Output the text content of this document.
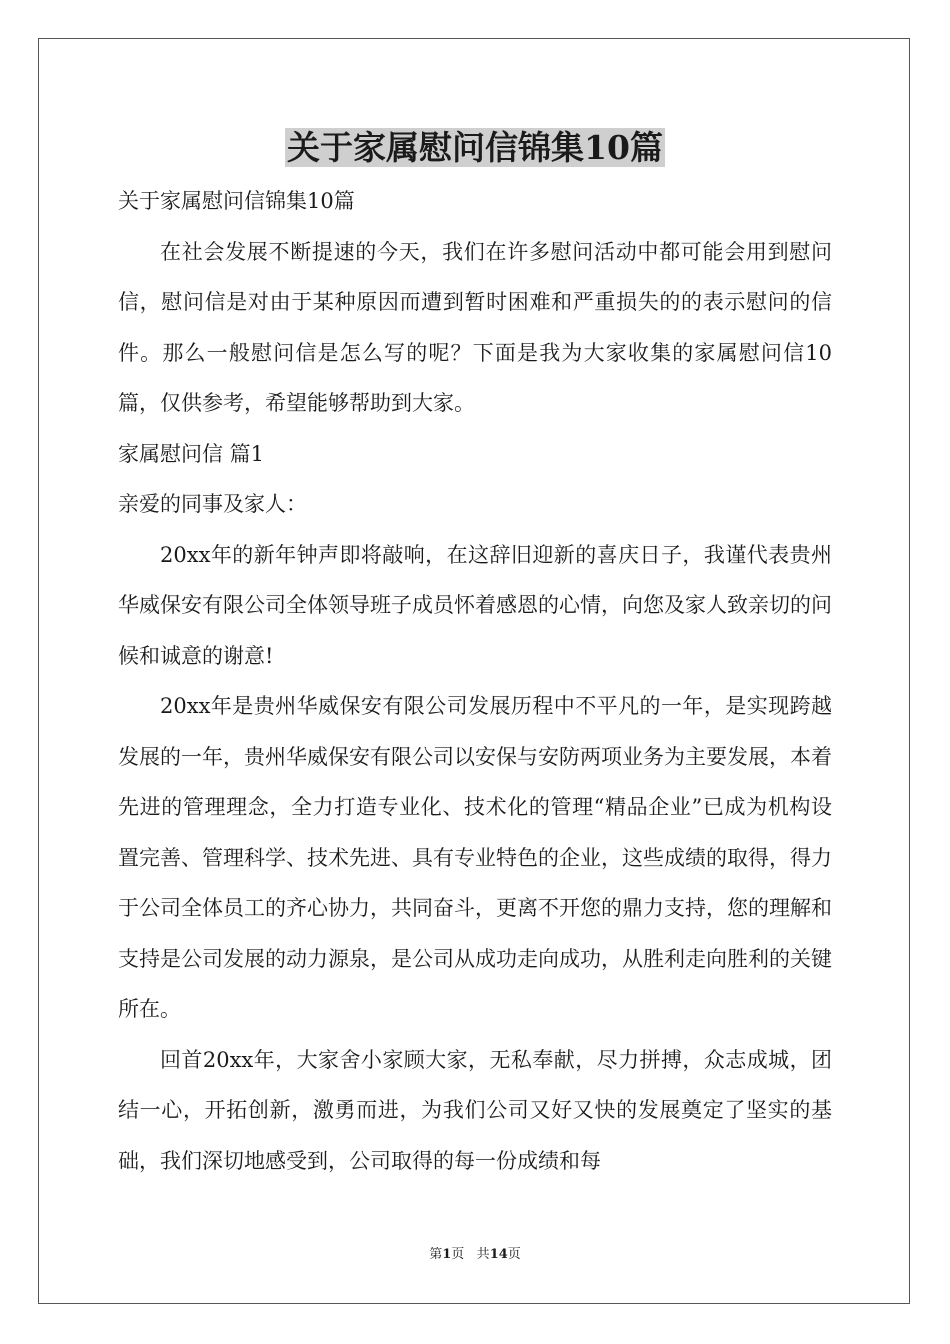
关于家属慰问信锦集10篇

关于家属慰问信锦集10篇

在社会发展不断提速的今天，我们在许多慰问活动中都可能会用到慰问信，慰问信是对由于某种原因而遭到暂时困难和严重损失的的表示慰问的信件。那么一般慰问信是怎么写的呢？下面是我为大家收集的家属慰问信10篇，仅供参考，希望能够帮助到大家。

家属慰问信 篇1

亲爱的同事及家人：

20xx年的新年钟声即将敲响，在这辞旧迎新的喜庆日子，我谨代表贵州华威保安有限公司全体领导班子成员怀着感恩的心情，向您及家人致亲切的问候和诚意的谢意!

20xx年是贵州华威保安有限公司发展历程中不平凡的一年，是实现跨越发展的一年，贵州华威保安有限公司以安保与安防两项业务为主要发展，本着先进的管理理念，全力打造专业化、技术化的管理“精品企业”已成为机构设置完善、管理科学、技术先进、具有专业特色的企业，这些成绩的取得，得力于公司全体员工的齐心协力，共同奋斗，更离不开您的鼎力支持，您的理解和支持是公司发展的动力源泉，是公司从成功走向成功，从胜利走向胜利的关键所在。

回首20xx年，大家舍小家顾大家，无私奉献，尽力拼搏，众志成城，团结一心，开拓创新，激勇而进，为我们公司又好又快的发展奠定了坚实的基础，我们深切地感受到，公司取得的每一份成绩和每

第1页 共14页
